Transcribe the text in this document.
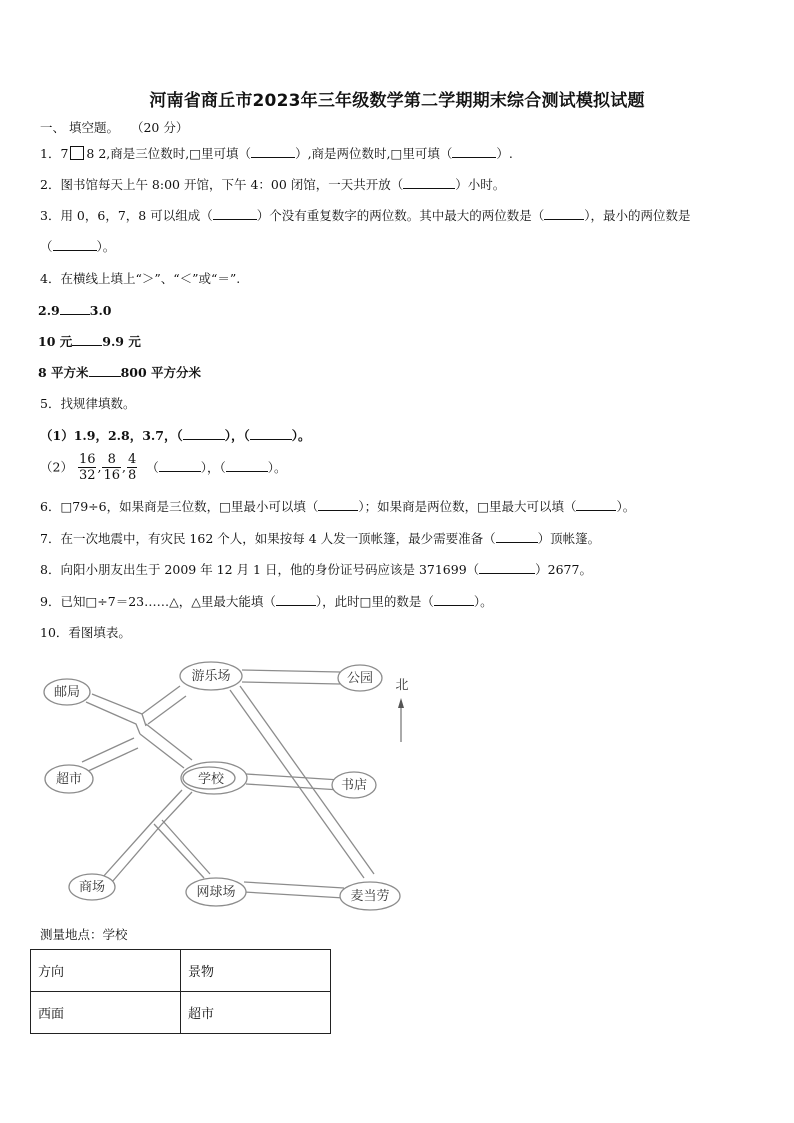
河南省商丘市2023年三年级数学第二学期期末综合测试模拟试题
一、 填空题。 （20 分）
1．7 8 2,商是三位数时,□里可填（	）,商是两位数时,□里可填（	）.
2．图书馆每天上午 8:00 开馆，下午 4：00 闭馆，一天共开放（	）小时。
3．用 0，6，7，8 可以组成（	）个没有重复数字的两位数。其中最大的两位数是（	），最小的两位数是
（	）。
4．在横线上填上“＞”、“＜”或“＝”.
2.9 3.0
10 元 9.9 元
8 平方米	800 平方分米
5．找规律填数。
（1）1.9，2.8，3.7，（	），（	）。
$(2) \frac{16}{32}$ , $\frac{8}{16}$ , $\frac{4}{8}$ （	），（	）。
6．□79÷6，如果商是三位数，□里最小可以填（	）；如果商是两位数，□里最大可以填（	）。
7．在一次地震中，有灾民 162 个人，如果按每 4 人发一顶帐篷，最少需要准备（	）顶帐篷。
8．向阳小朋友出生于 2009 年 12 月 1 日，他的身份证号码应该是 371699（	）2677。
9．已知□÷7＝23……△，△里最大能填（	），此时□里的数是（	）。
10．看图填表。
邮局
游乐场	公园
超市	学校	书店
商场	网球场	麦当劳
北
测量地点：学校
方向	景物
西面	超市
